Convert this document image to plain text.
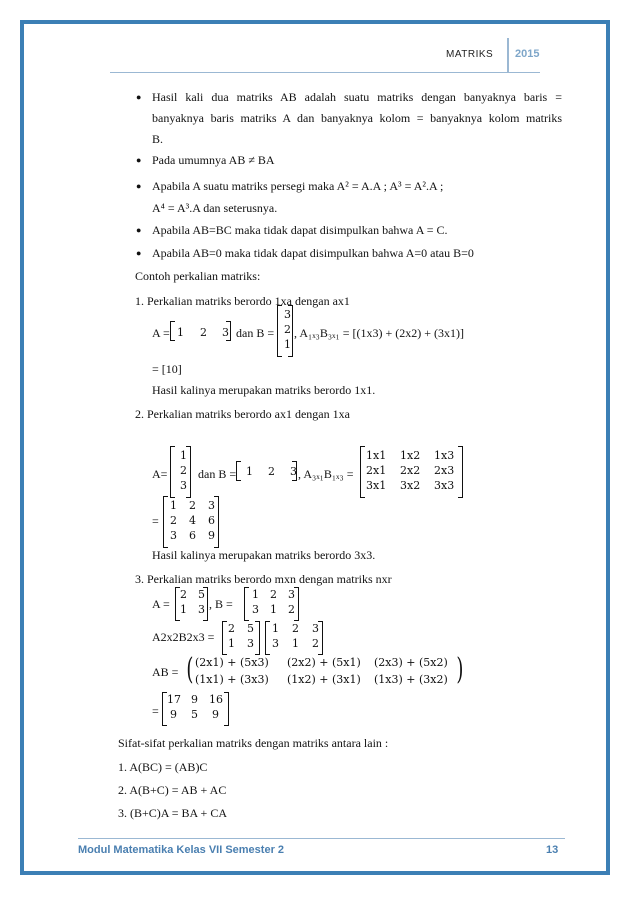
MATRIKS 2015
● Hasil kali dua matriks AB adalah suatu matriks dengan banyaknya baris =
banyaknya baris matriks A dan banyaknya kolom = banyaknya kolom matriks
B.
● Pada umumnya AB ≠ BA
● Apabila A suatu matriks persegi maka A² = A.A ; A³ = A².A ;
A⁴ = A³.A dan seterusnya.
● Apabila AB=BC maka tidak dapat disimpulkan bahwa A = C.
● Apabila AB=0 maka tidak dapat disimpulkan bahwa A=0 atau B=0
Contoh perkalian matriks:
1. Perkalian matriks berordo 1xa dengan ax1
A = 1 2 3 dan B =
3
2
1
, A₁ₓ₃B₃ₓ₁ = [(1x3) + (2x2) + (3x1)]
= [10]
Hasil kalinya merupakan matriks berordo 1x1.
2. Perkalian matriks berordo ax1 dengan 1xa
A=
1
2
3
dan B = 1 2 3 , A₃ₓ₁B₁ₓ₃ =
1x1 1x2 1x3
2x1 2x2 2x3
3x1 3x2 3x3
=
1 2 3
2 4 6
3 6 9
Hasil kalinya merupakan matriks berordo 3x3.
3. Perkalian matriks berordo mxn dengan matriks nxr
A =
2 5
1 3 , B =
1 2 3
3 1 2
A2x2B2x3 =
2 5
1 3
1 2 3
3 1 2
AB = ( (2x1) + (5x3) (2x2) + (5x1) (2x3) + (5x2)
(1x1) + (3x3) (1x2) + (3x1) (1x3) + (3x2) )
=
17 9 16
9 5 9
Sifat-sifat perkalian matriks dengan matriks antara lain :
1. A(BC) = (AB)C
2. A(B+C) = AB + AC
3. (B+C)A = BA + CA
Modul Matematika Kelas VII Semester 2	13
